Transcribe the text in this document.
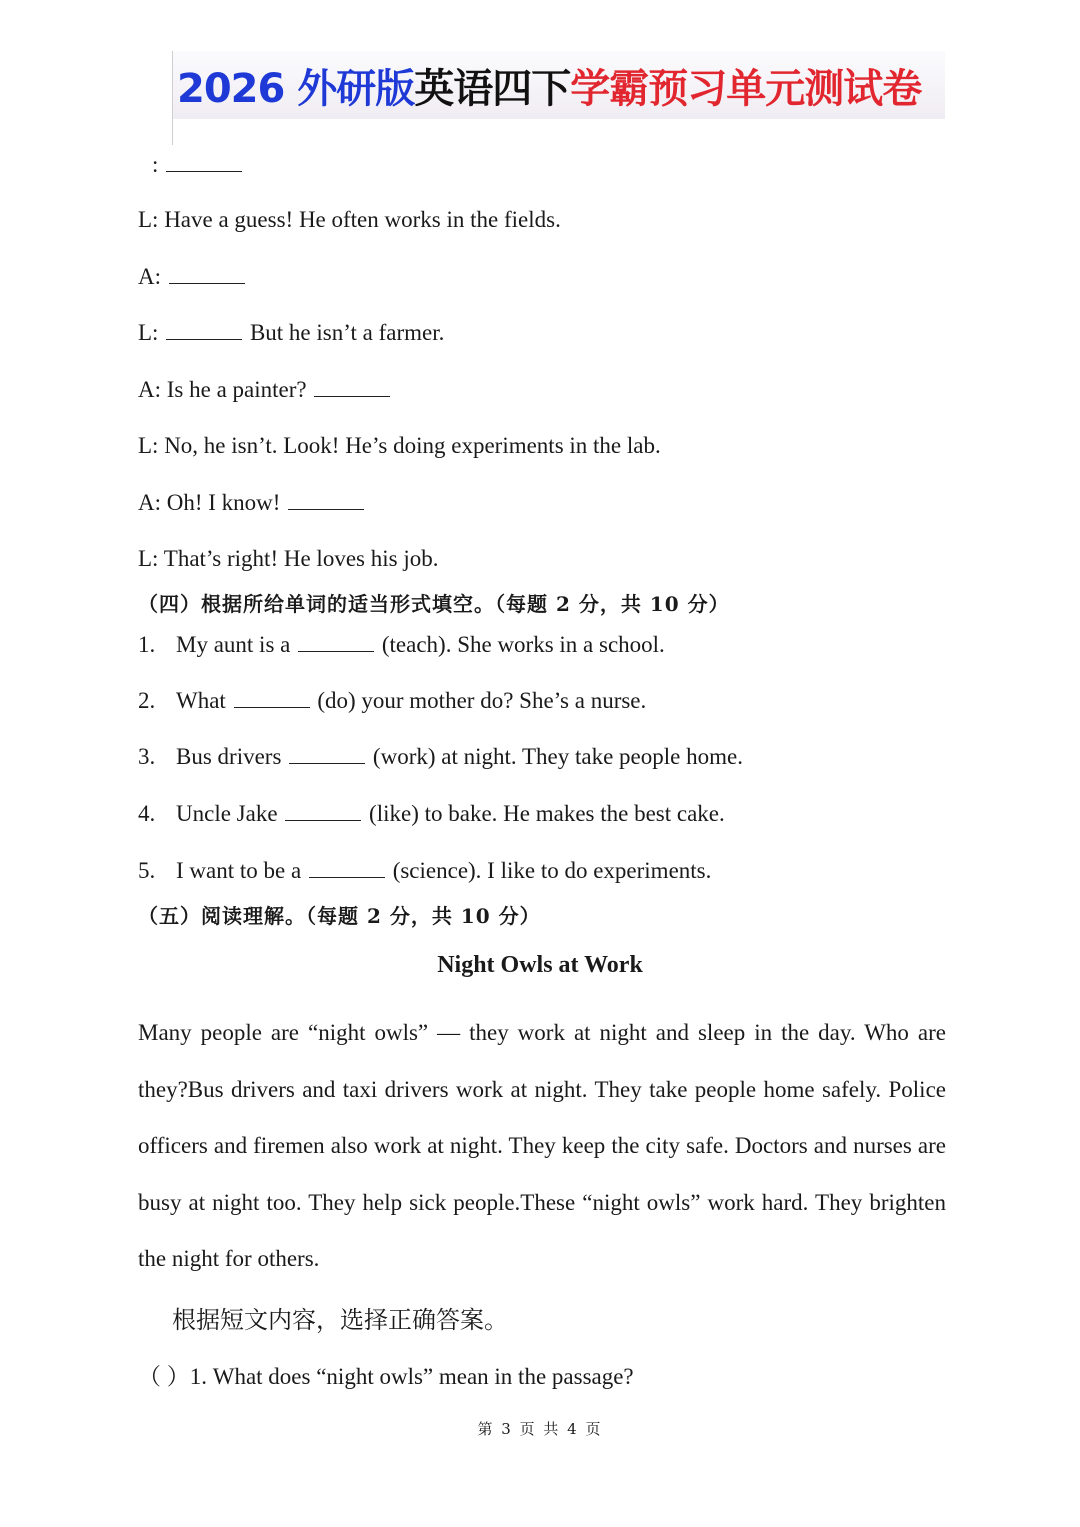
2026 外研版 英语四下 学霸预习单元测试卷
:
L: Have a guess! He often works in the fields.
A:
L:	But he isn’t a farmer.
A: Is he a painter?
L: No, he isn’t. Look! He’s doing experiments in the lab.
A: Oh! I know!
L: That’s right! He loves his job.
（四）根据所给单词的适当形式填空。（每题 2 分，共 10 分）
1. My aunt is a	(teach). She works in a school.
2. What	(do) your mother do? She’s a nurse.
3. Bus drivers	(work) at night. They take people home.
4. Uncle Jake	(like) to bake. He makes the best cake.
5. I want to be a	(science). I like to do experiments.
（五）阅读理解。（每题 2 分，共 10 分）
Night Owls at Work
Many people are “night owls” — they work at night and sleep in the day. Who are they?Bus drivers and taxi drivers work at night. They take people home safely. Police officers and firemen also work at night. They keep the city safe. Doctors and nurses are busy at night too. They help sick people.These “night owls” work hard. They brighten the night for others.
根据短文内容，选择正确答案。
（ ）1. What does “night owls” mean in the passage?
第 3 页 共 4 页
